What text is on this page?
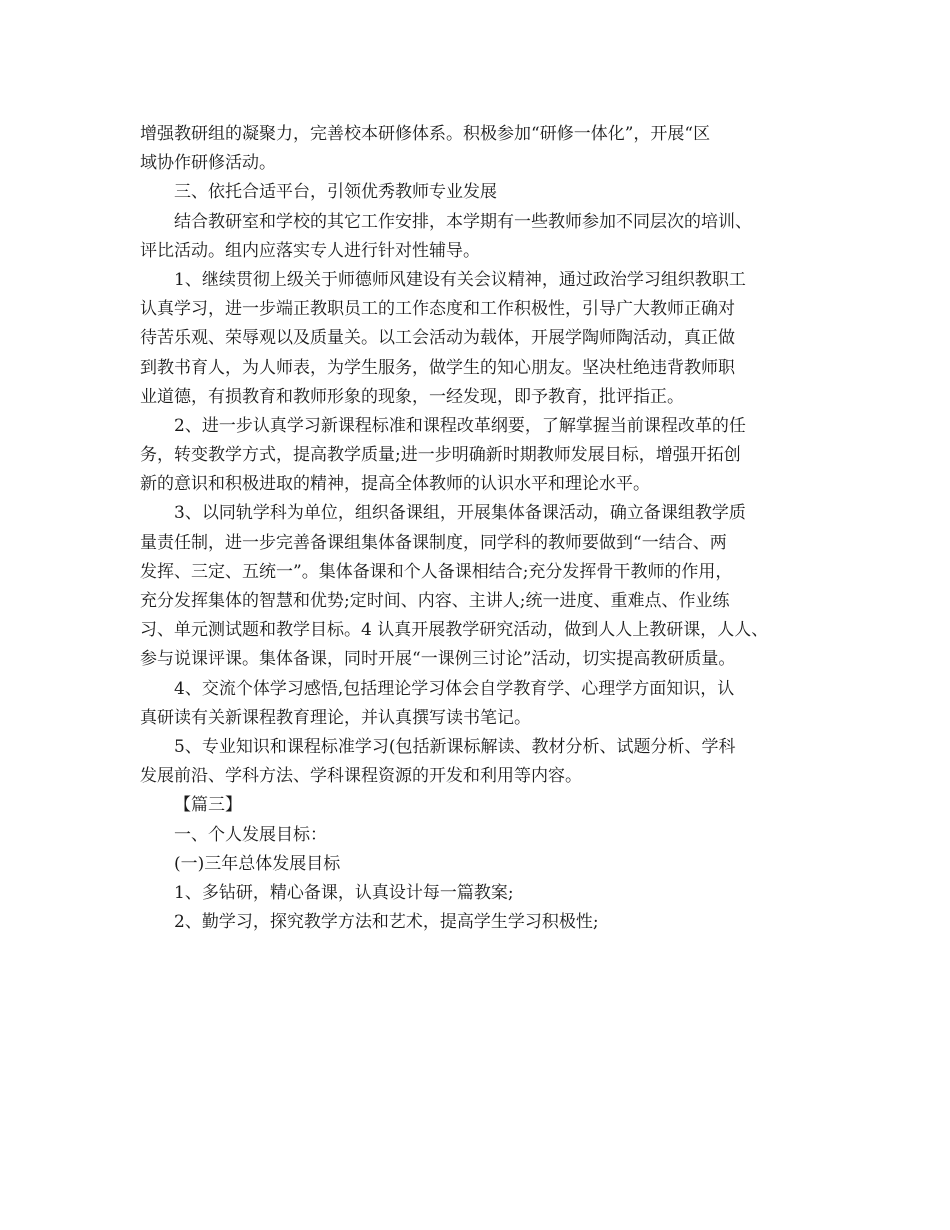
增强教研组的凝聚力，完善校本研修体系。积极参加“研修一体化”，开展“区
域协作研修活动。
三、依托合适平台，引领优秀教师专业发展
结合教研室和学校的其它工作安排，本学期有一些教师参加不同层次的培训、
评比活动。组内应落实专人进行针对性辅导。
1、继续贯彻上级关于师德师风建设有关会议精神，通过政治学习组织教职工
认真学习，进一步端正教职员工的工作态度和工作积极性，引导广大教师正确对
待苦乐观、荣辱观以及质量关。以工会活动为载体，开展学陶师陶活动，真正做
到教书育人，为人师表，为学生服务，做学生的知心朋友。坚决杜绝违背教师职
业道德，有损教育和教师形象的现象，一经发现，即予教育，批评指正。
2、进一步认真学习新课程标准和课程改革纲要，了解掌握当前课程改革的任
务，转变教学方式，提高教学质量;进一步明确新时期教师发展目标，增强开拓创
新的意识和积极进取的精神，提高全体教师的认识水平和理论水平。
3、以同轨学科为单位，组织备课组，开展集体备课活动，确立备课组教学质
量责任制，进一步完善备课组集体备课制度，同学科的教师要做到“一结合、两
发挥、三定、五统一”。集体备课和个人备课相结合;充分发挥骨干教师的作用，
充分发挥集体的智慧和优势;定时间、内容、主讲人;统一进度、重难点、作业练
习、单元测试题和教学目标。4 认真开展教学研究活动，做到人人上教研课，人人、
参与说课评课。集体备课，同时开展“一课例三讨论”活动，切实提高教研质量。
4、交流个体学习感悟,包括理论学习体会自学教育学、心理学方面知识，认
真研读有关新课程教育理论，并认真撰写读书笔记。
5、专业知识和课程标准学习(包括新课标解读、教材分析、试题分析、学科
发展前沿、学科方法、学科课程资源的开发和利用等内容。
【篇三】
一、个人发展目标：
(一)三年总体发展目标
1、多钻研，精心备课，认真设计每一篇教案;
2、勤学习，探究教学方法和艺术，提高学生学习积极性;
